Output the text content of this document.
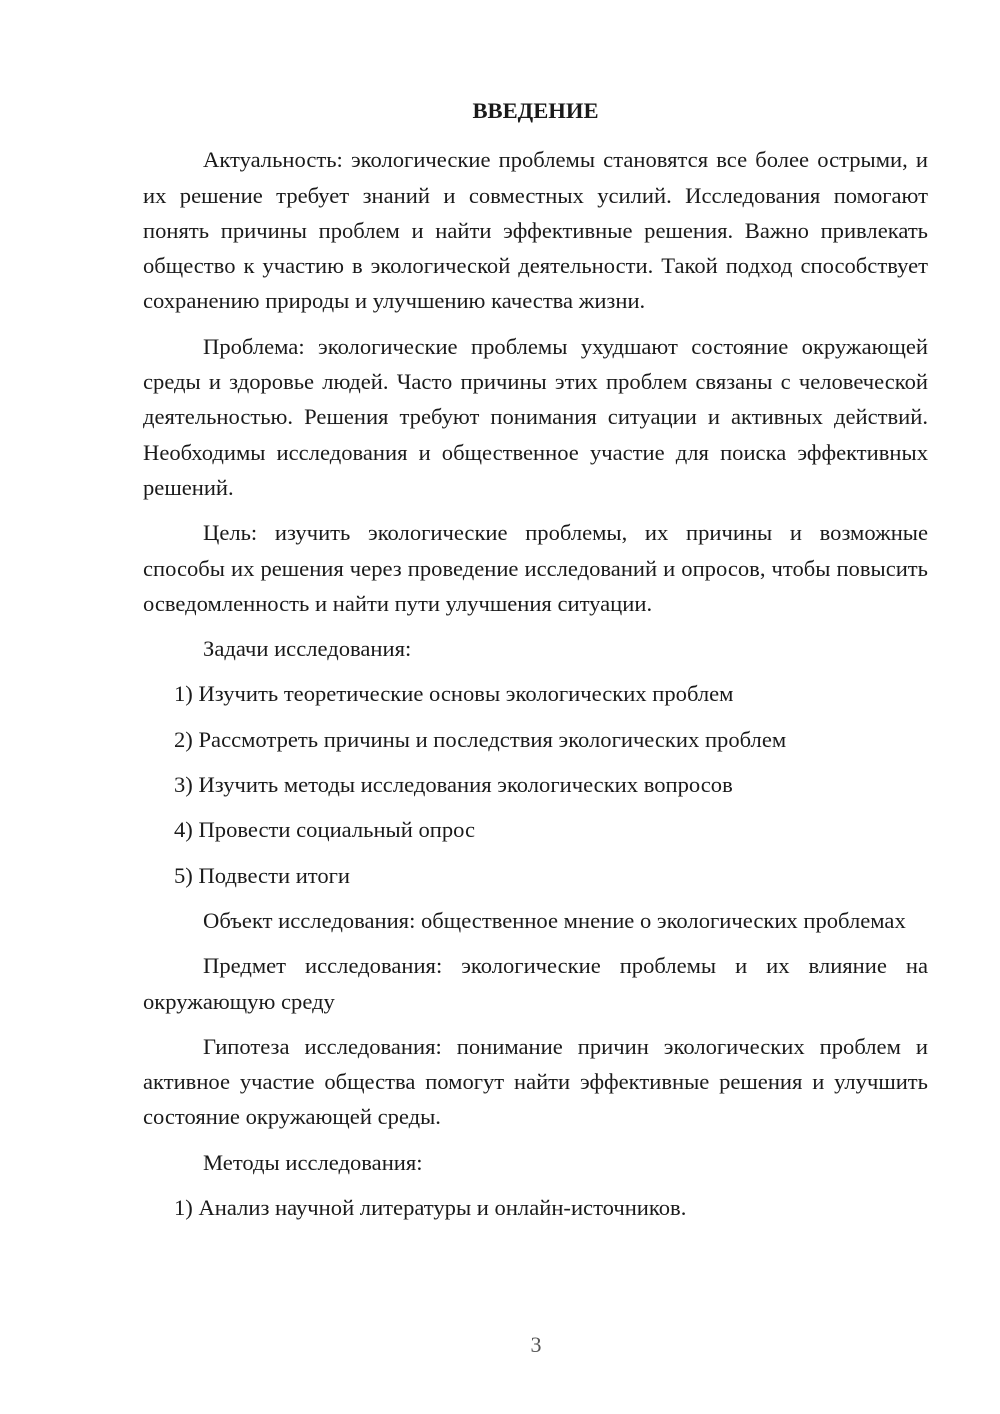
ВВЕДЕНИЕ

Актуальность: экологические проблемы становятся все более острыми, и их решение требует знаний и совместных усилий. Исследования помогают понять причины проблем и найти эффективные решения. Важно привлекать общество к участию в экологической деятельности. Такой подход способствует сохранению природы и улучшению качества жизни.

Проблема: экологические проблемы ухудшают состояние окружающей среды и здоровье людей. Часто причины этих проблем связаны с человеческой деятельностью. Решения требуют понимания ситуации и активных действий. Необходимы исследования и общественное участие для поиска эффективных решений.

Цель: изучить экологические проблемы, их причины и возможные способы их решения через проведение исследований и опросов, чтобы повысить осведомленность и найти пути улучшения ситуации.

Задачи исследования:
1) Изучить теоретические основы экологических проблем
2) Рассмотреть причины и последствия экологических проблем
3) Изучить методы исследования экологических вопросов
4) Провести социальный опрос
5) Подвести итоги

Объект исследования: общественное мнение о экологических проблемах

Предмет исследования: экологические проблемы и их влияние на окружающую среду

Гипотеза исследования: понимание причин экологических проблем и активное участие общества помогут найти эффективные решения и улучшить состояние окружающей среды.

Методы исследования:
1) Анализ научной литературы и онлайн-источников.
3
